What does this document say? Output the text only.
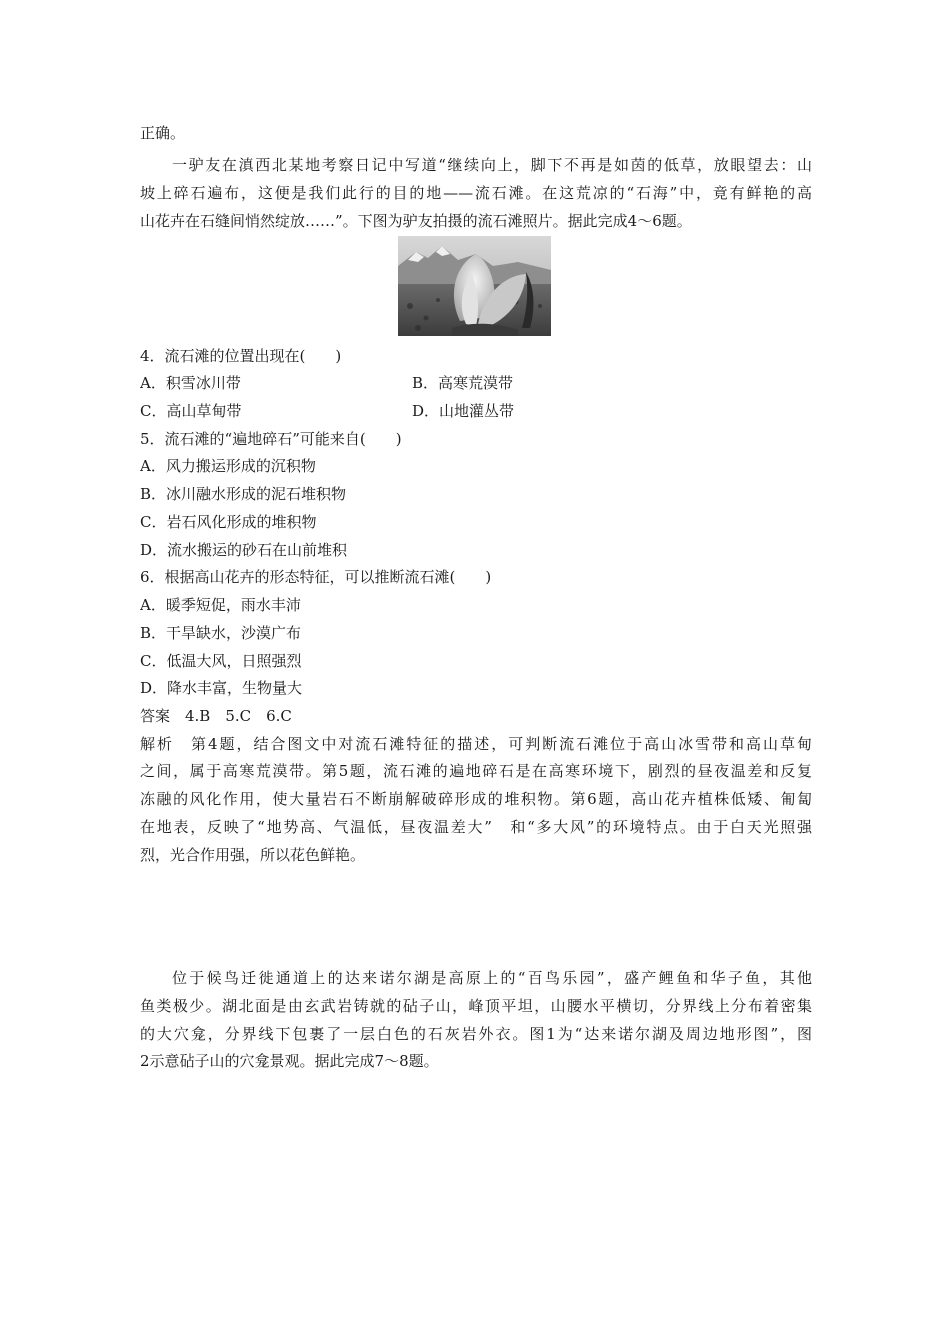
正确。
一驴友在滇西北某地考察日记中写道“继续向上，脚下不再是如茵的低草，放眼望去：山
坡上碎石遍布，这便是我们此行的目的地——流石滩。在这荒凉的“石海”中，竟有鲜艳的高
山花卉在石缝间悄然绽放……”。下图为驴友拍摄的流石滩照片。据此完成4～6题。
4．流石滩的位置出现在(　　)
A．积雪冰川带	B．高寒荒漠带
C．高山草甸带	D．山地灌丛带
5．流石滩的“遍地碎石”可能来自(　　)
A．风力搬运形成的沉积物
B．冰川融水形成的泥石堆积物
C．岩石风化形成的堆积物
D．流水搬运的砂石在山前堆积
6．根据高山花卉的形态特征，可以推断流石滩(　　)
A．暖季短促，雨水丰沛
B．干旱缺水，沙漠广布
C．低温大风，日照强烈
D．降水丰富，生物量大
答案　4.B　5.C　6.C
解析　第4题，结合图文中对流石滩特征的描述，可判断流石滩位于高山冰雪带和高山草甸
之间，属于高寒荒漠带。第5题，流石滩的遍地碎石是在高寒环境下，剧烈的昼夜温差和反复
冻融的风化作用，使大量岩石不断崩解破碎形成的堆积物。第6题，高山花卉植株低矮、匍匐
在地表，反映了“地势高、气温低，昼夜温差大”　和“多大风”的环境特点。由于白天光照强
烈，光合作用强，所以花色鲜艳。
位于候鸟迁徙通道上的达来诺尔湖是高原上的“百鸟乐园”，盛产鲤鱼和华子鱼，其他
鱼类极少。湖北面是由玄武岩铸就的砧子山，峰顶平坦，山腰水平横切，分界线上分布着密集
的大穴龛，分界线下包裹了一层白色的石灰岩外衣。图1为“达来诺尔湖及周边地形图”，图
2示意砧子山的穴龛景观。据此完成7～8题。
